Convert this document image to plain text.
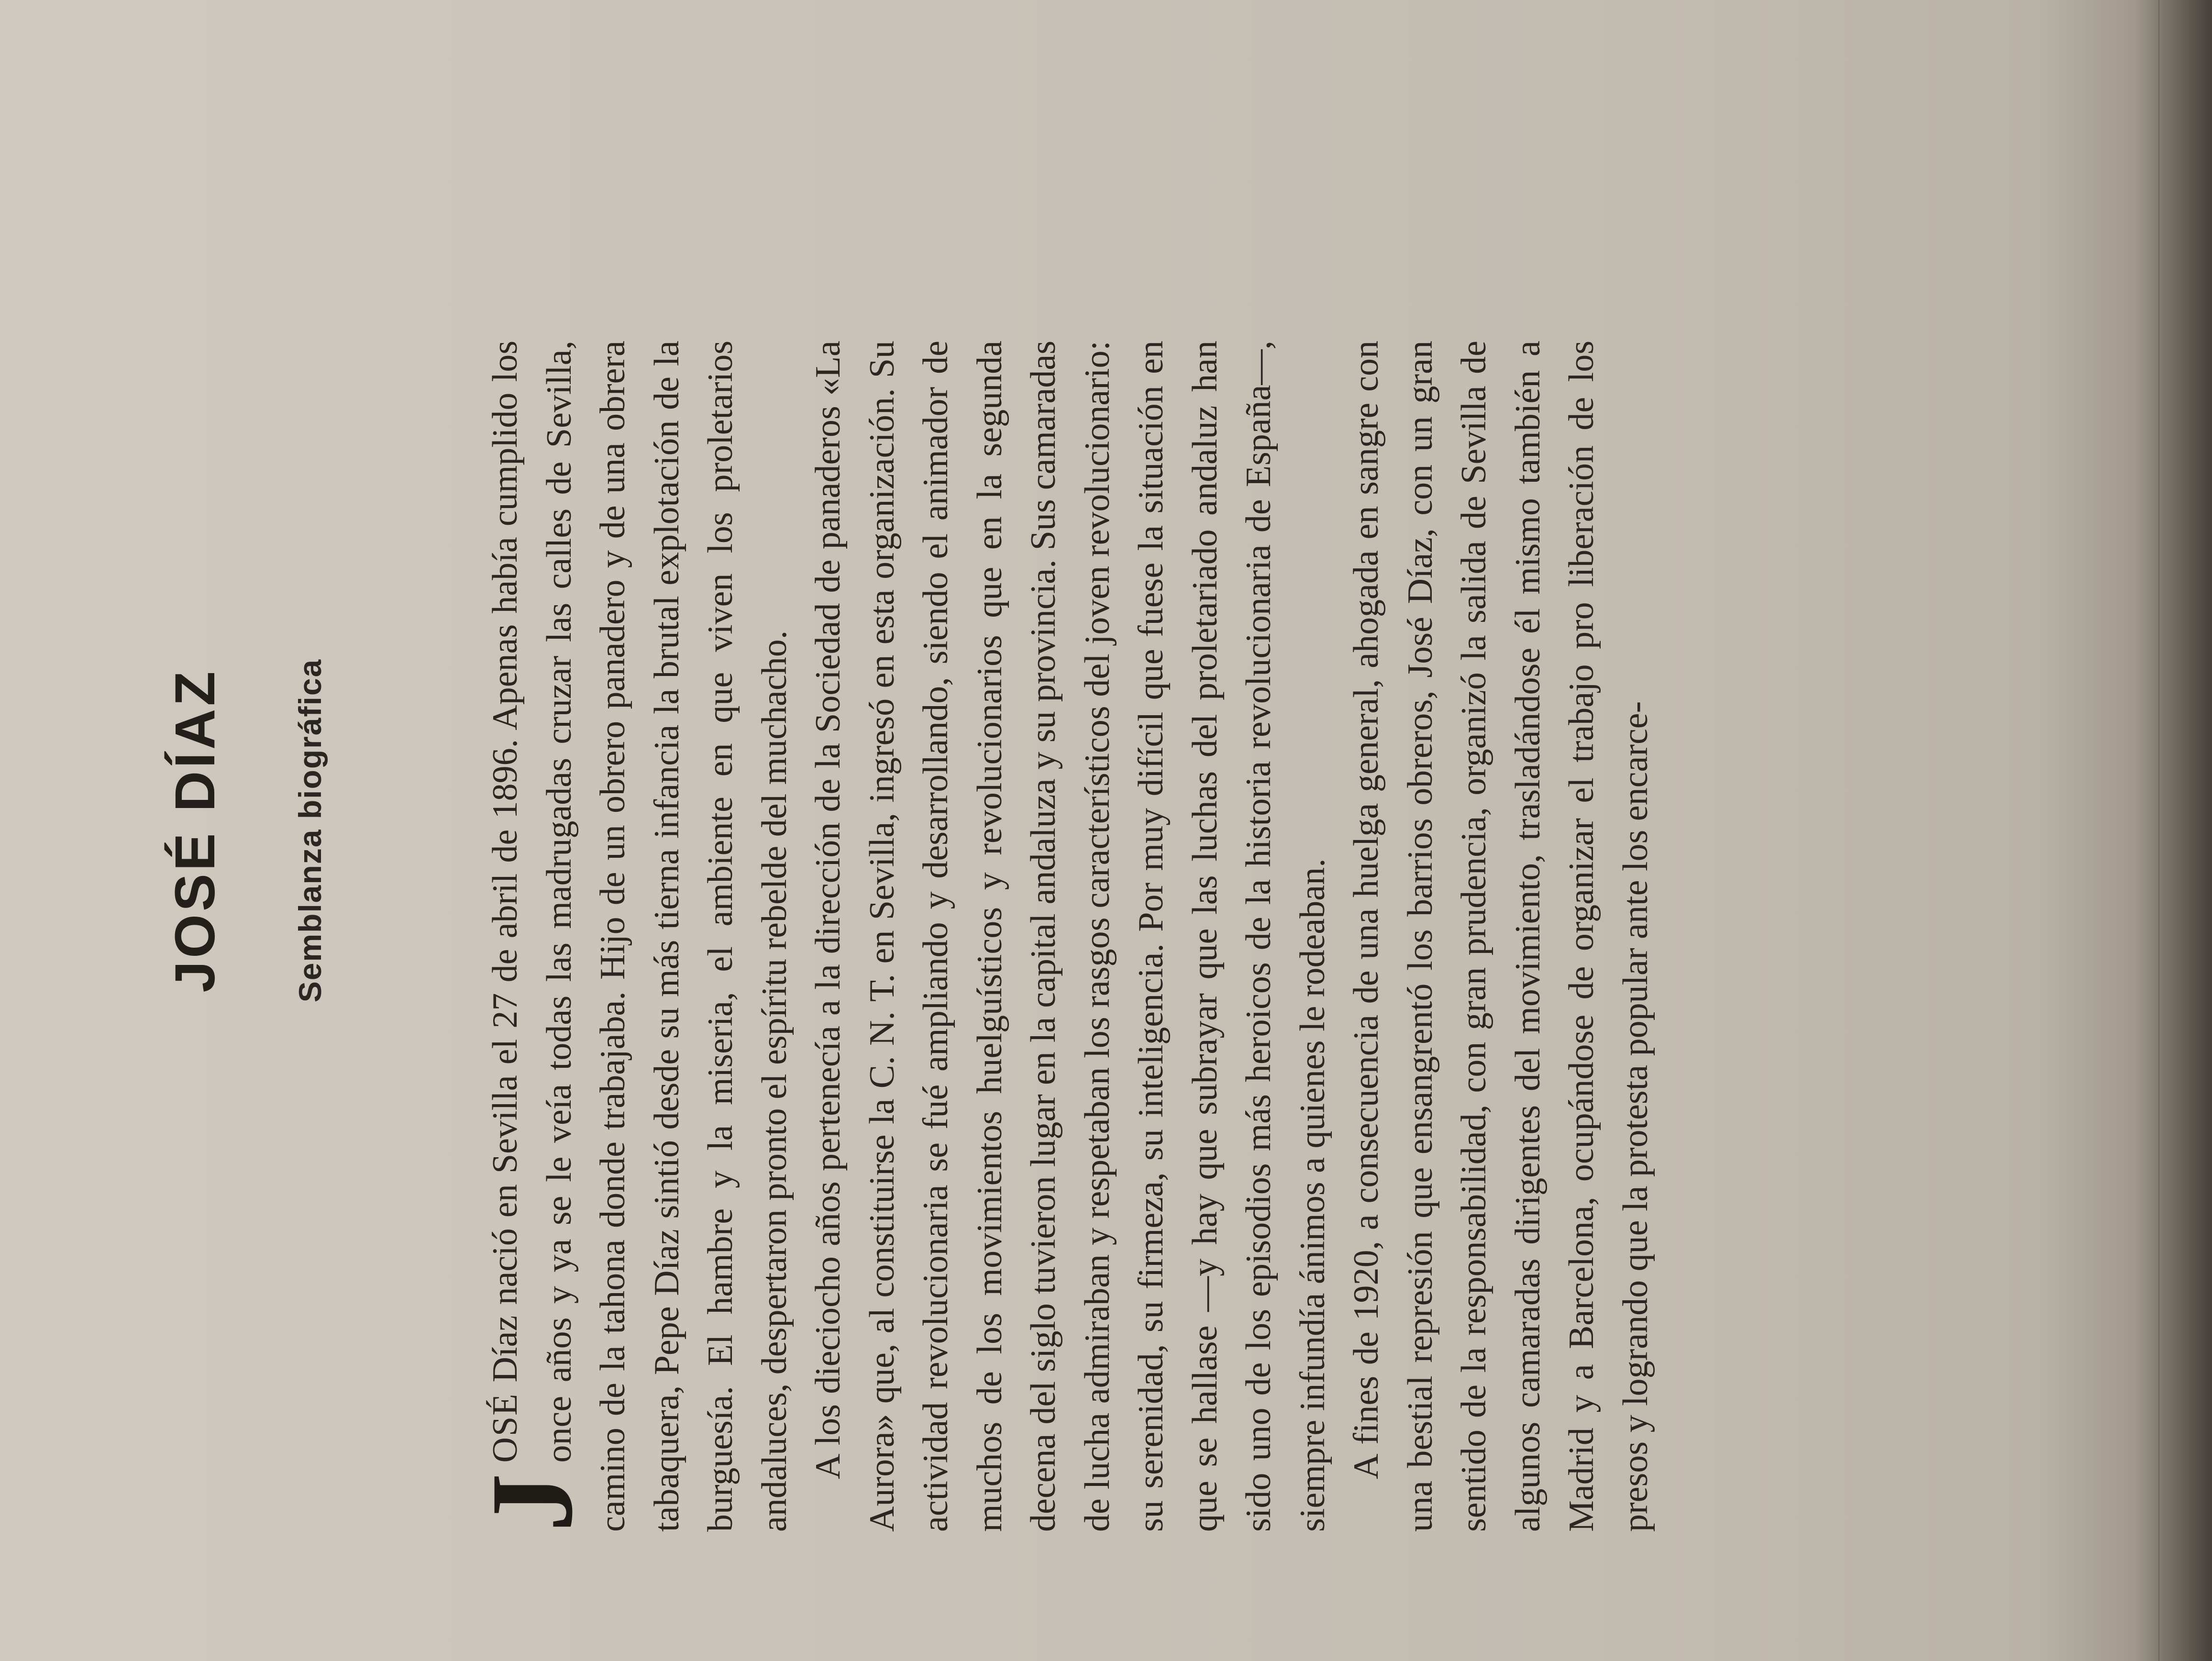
JOSÉ DÍAZ Semblanza biográfica

J
OSÉ Díaz nació en Sevilla el 27 de abril de 1896. Apenas había cumplido los once años y ya se le veía todas las madrugadas cruzar las calles de Sevilla, camino de la tahona donde trabajaba. Hijo de un obrero panadero y de una obrera tabaquera, Pepe Díaz sintió desde su más tierna infancia la brutal explotación de la burguesía. El hambre y la miseria, el ambiente en que viven los proletarios andaluces, despertaron pronto el espíritu rebelde del muchacho. A los dieciocho años pertenecía a la dirección de la Sociedad de panaderos «La Aurora» que, al constituirse la C. N. T. en Sevilla, ingresó en esta organización. Su actividad revolucionaria se fué ampliando y desarrollando, siendo el animador de muchos de los movimientos huelguísticos y revolucionarios que en la segunda decena del siglo tuvieron lugar en la capital andaluza y su provincia. Sus camaradas de lucha admiraban y respetaban los rasgos característicos del joven revolucionario: su serenidad, su firmeza, su inteligencia. Por muy difícil que fuese la situación en que se hallase —y hay que subrayar que las luchas del proletariado andaluz han sido uno de los episodios más heroicos de la historia revolucionaria de España—, siempre infundía ánimos a quienes le rodeaban. A fines de 1920, a consecuencia de una huelga general, ahogada en sangre con una bestial represión que ensangrentó los barrios obreros, José Díaz, con un gran sentido de la responsabilidad, con gran prudencia, organizó la salida de Sevilla de algunos camaradas dirigentes del movimiento, trasladándose él mismo también a Madrid y a Barcelona, ocupándose de organizar el trabajo pro liberación de los presos y logrando que la protesta popular ante los encarce-
